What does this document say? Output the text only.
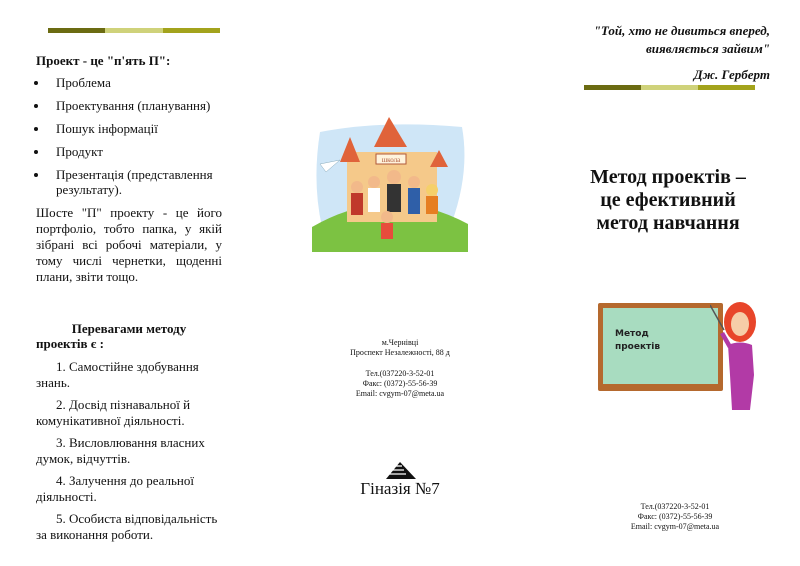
Проект - це "п'ять П":
Проблема
Проектування (планування)
Пошук інформації
Продукт
Презентація (представлення результату).
Шосте "П" проекту - це його портфоліо, тобто папка, у якій зібрані всі робочі матеріали, у тому числі чернетки, щоденні плани, звіти тощо.
Перевагами методу
проектів є :

1. Самостійне здобування знань.

2. Досвід пізнавальної й комунікативної діяльності.

3. Висловлювання власних думок, відчуттів.

4. Залучення до реальної діяльності.

5. Особиста відповідальність за виконання роботи.

школа
м.Чернівці
Проспект Незалежності, 88 д
Тел.(037220-3-52-01
Факс: (0372)-55-56-39
Email: cvgym-07@meta.ua
Гіназія №7
"Той, хто не дивиться вперед,
виявляється зайвим"
Дж. Герберт
Метод проектів –
це ефективний
метод навчання
Метод
проектів
Тел.(037220-3-52-01
Факс: (0372)-55-56-39
Email: cvgym-07@meta.ua
